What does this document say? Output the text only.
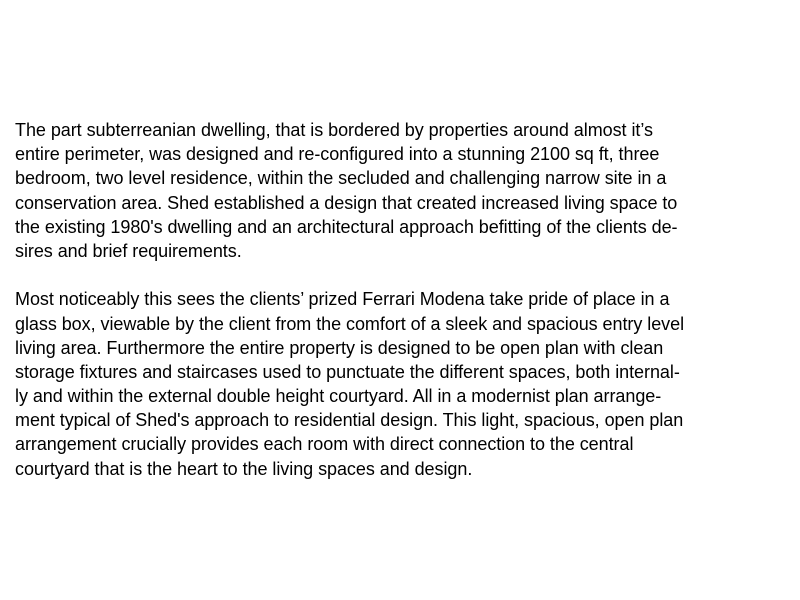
The part subterreanian dwelling, that is bordered by properties around almost it’s
entire perimeter, was designed and re-configured into a stunning 2100 sq ft, three
bedroom, two level residence, within the secluded and challenging narrow site in a
conservation area. Shed established a design that created increased living space to
the existing 1980's dwelling and an architectural approach befitting of the clients de-
sires and brief requirements.

Most noticeably this sees the clients’ prized Ferrari Modena take pride of place in a
glass box, viewable by the client from the comfort of a sleek and spacious entry level
living area. Furthermore the entire property is designed to be open plan with clean
storage fixtures and staircases used to punctuate the different spaces, both internal-
ly and within the external double height courtyard. All in a modernist plan arrange-
ment typical of Shed's approach to residential design. This light, spacious, open plan
arrangement crucially provides each room with direct connection to the central
courtyard that is the heart to the living spaces and design.
